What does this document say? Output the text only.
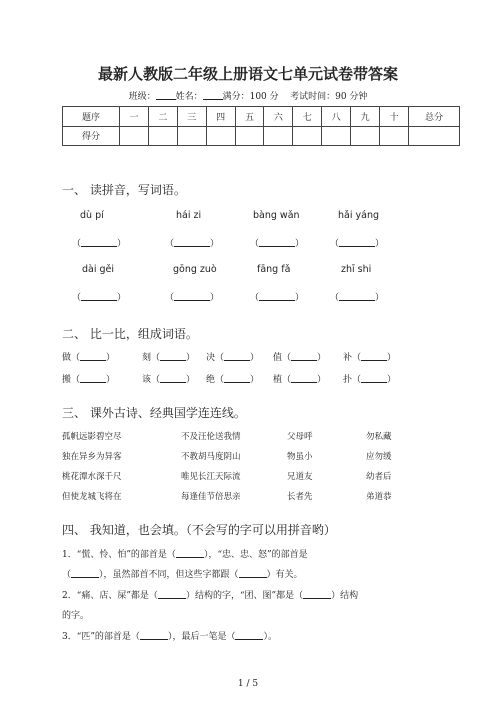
最新人教版二年级上册语文七单元试卷带答案
班级： 姓名： 满分：100 分 考试时间：90 分钟
题序	一	二	三	四	五	六	七	八	九	十	总分
得分											
一、 读拼音，写词语。
dù pí	hái zi	bàng wǎn	hǎi yáng
（	）	（	）	（	）	（	）
dài gěi	gōng zuò	fāng fǎ	zhī shi
（	）	（	）	（	）	（	）
二、 比一比，组成词语。
做（	）	刻（	） 决（	） 值（	） 补（	）
搬（	）	该（	） 绝（	） 植（	） 扑（	）
三、 课外古诗、经典国学连连线。
孤帆远影碧空尽	不及汪伦送我情	父母呼	勿私藏
独在异乡为异客	不教胡马度阴山	物虽小	应勿缓
桃花潭水深千尺	唯见长江天际流	兄道友	幼者后
但使龙城飞将在	每逢佳节倍思亲	长者先	弟道恭
四、 我知道，也会填。（不会写的字可以用拼音哟）
1．“慌、怜、怕”的部首是（	），“忠、忠、怒”的部首是
（	），虽然部首不同，但这些字都跟（	）有关。
2．“痛、店、屎”都是（	）结构的字，“团、图”都是（	）结构
的字。
3．“匹”的部首是（	），最后一笔是（	）。
1 / 5
